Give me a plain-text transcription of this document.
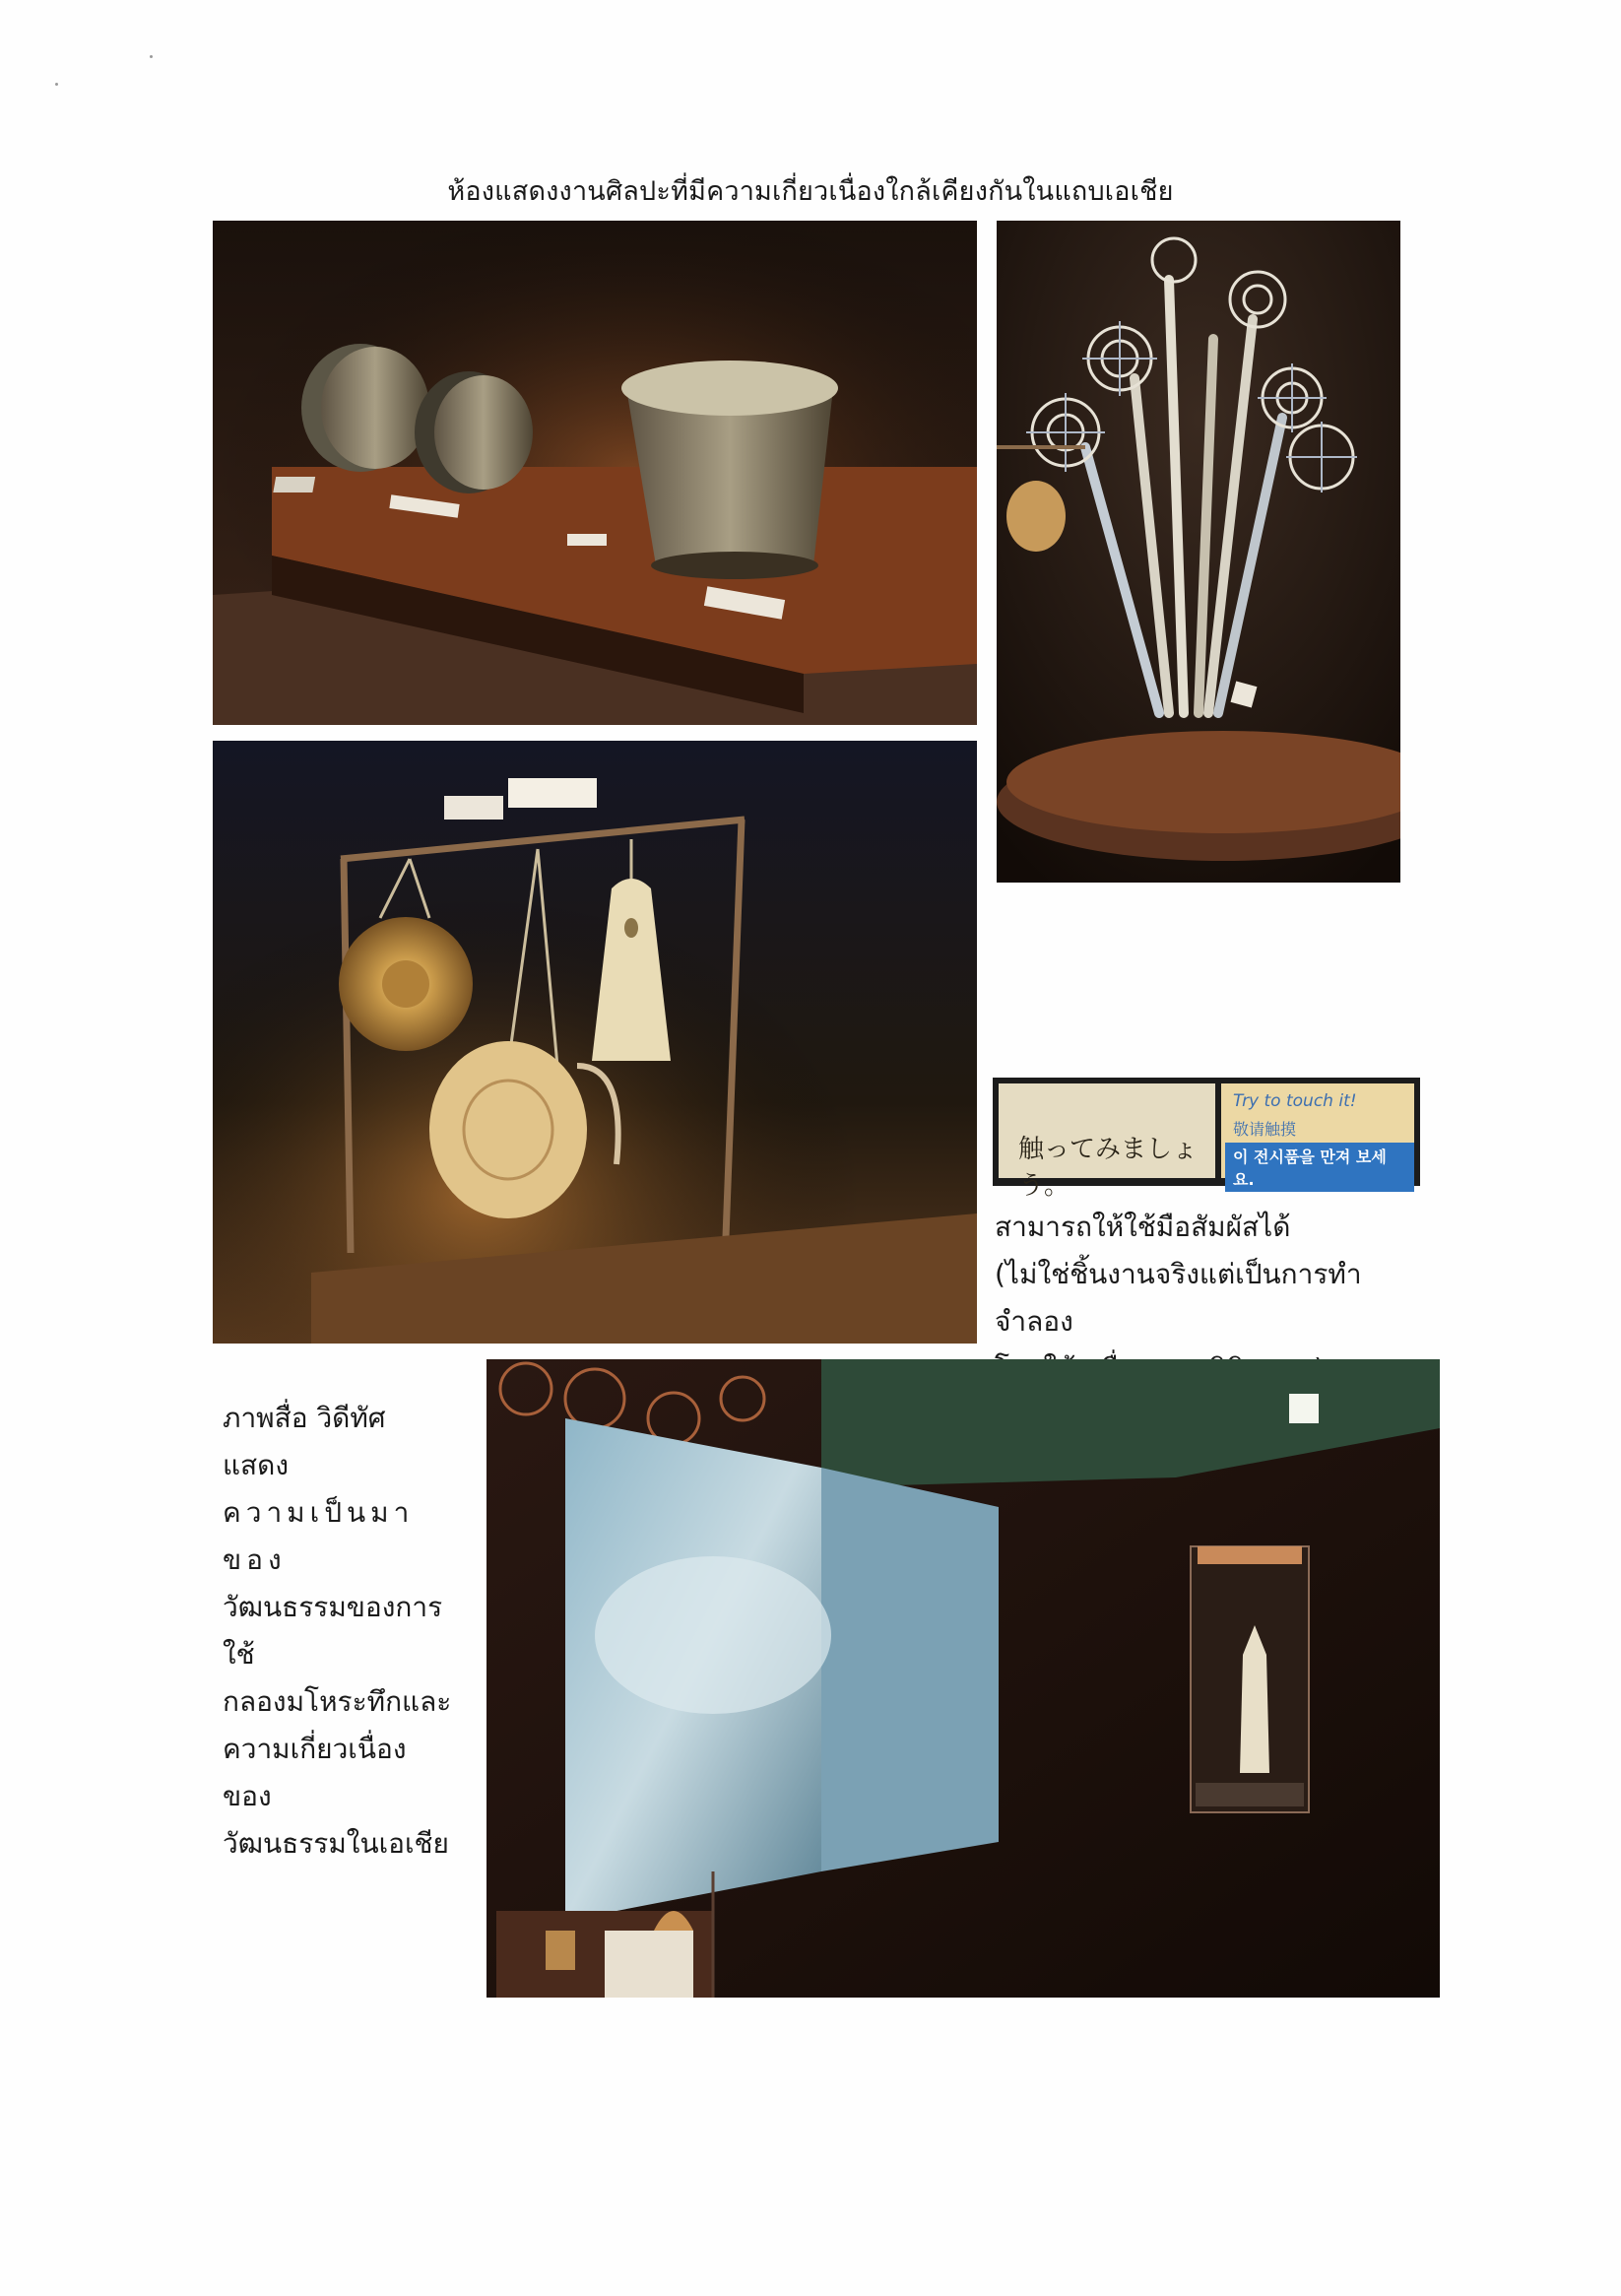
ห้องแสดงงานศิลปะที่มีความเกี่ยวเนื่องใกล้เคียงกันในแถบเอเชีย
触ってみましょう。
Try to touch it!
敬请触摸
이 전시품을 만져 보세요.
สามารถให้ใช้มือสัมผัสได้
(ไม่ใช่ชิ้นงานจริงแต่เป็นการทำจำลอง
ภาพสื่อ วิดีทัศ แสดง
ความเป็นมาของ
วัฒนธรรมของการใช้
กลองมโหระทึกและ
ความเกี่ยวเนื่องของ
วัฒนธรรมในเอเชีย
